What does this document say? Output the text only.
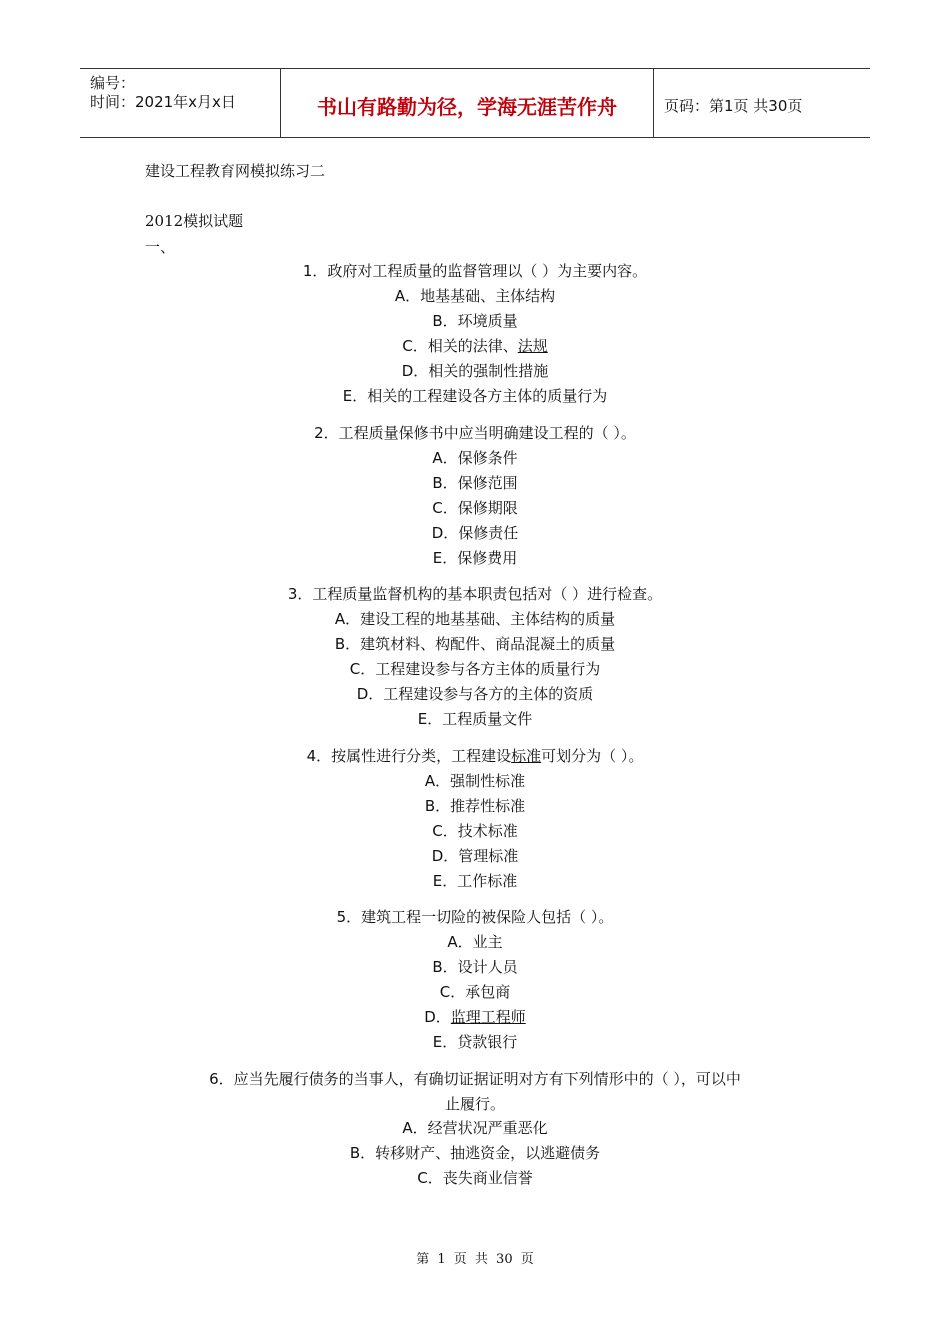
编号：
时间：2021年x月x日	书山有路勤为径，学海无涯苦作舟	页码：第1页 共30页
建设工程教育网模拟练习二
2012模拟试题
一、
1．政府对工程质量的监督管理以（ ）为主要内容。
A．地基基础、主体结构
B．环境质量
C．相关的法律、法规
D．相关的强制性措施
E．相关的工程建设各方主体的质量行为
2．工程质量保修书中应当明确建设工程的（ ）。
A．保修条件
B．保修范围
C．保修期限
D．保修责任
E．保修费用
3．工程质量监督机构的基本职责包括对（ ）进行检查。
A．建设工程的地基基础、主体结构的质量
B．建筑材料、构配件、商品混凝土的质量
C．工程建设参与各方主体的质量行为
D．工程建设参与各方的主体的资质
E．工程质量文件
4．按属性进行分类，工程建设标准可划分为（ ）。
A．强制性标准
B．推荐性标准
C．技术标准
D．管理标准
E．工作标准
5．建筑工程一切险的被保险人包括（ ）。
A．业主
B．设计人员
C．承包商
D．监理工程师
E．贷款银行
6．应当先履行债务的当事人，有确切证据证明对方有下列情形中的（ ），可以中
止履行。
A．经营状况严重恶化
B．转移财产、抽逃资金，以逃避债务
C．丧失商业信誉
第 1 页 共 30 页
